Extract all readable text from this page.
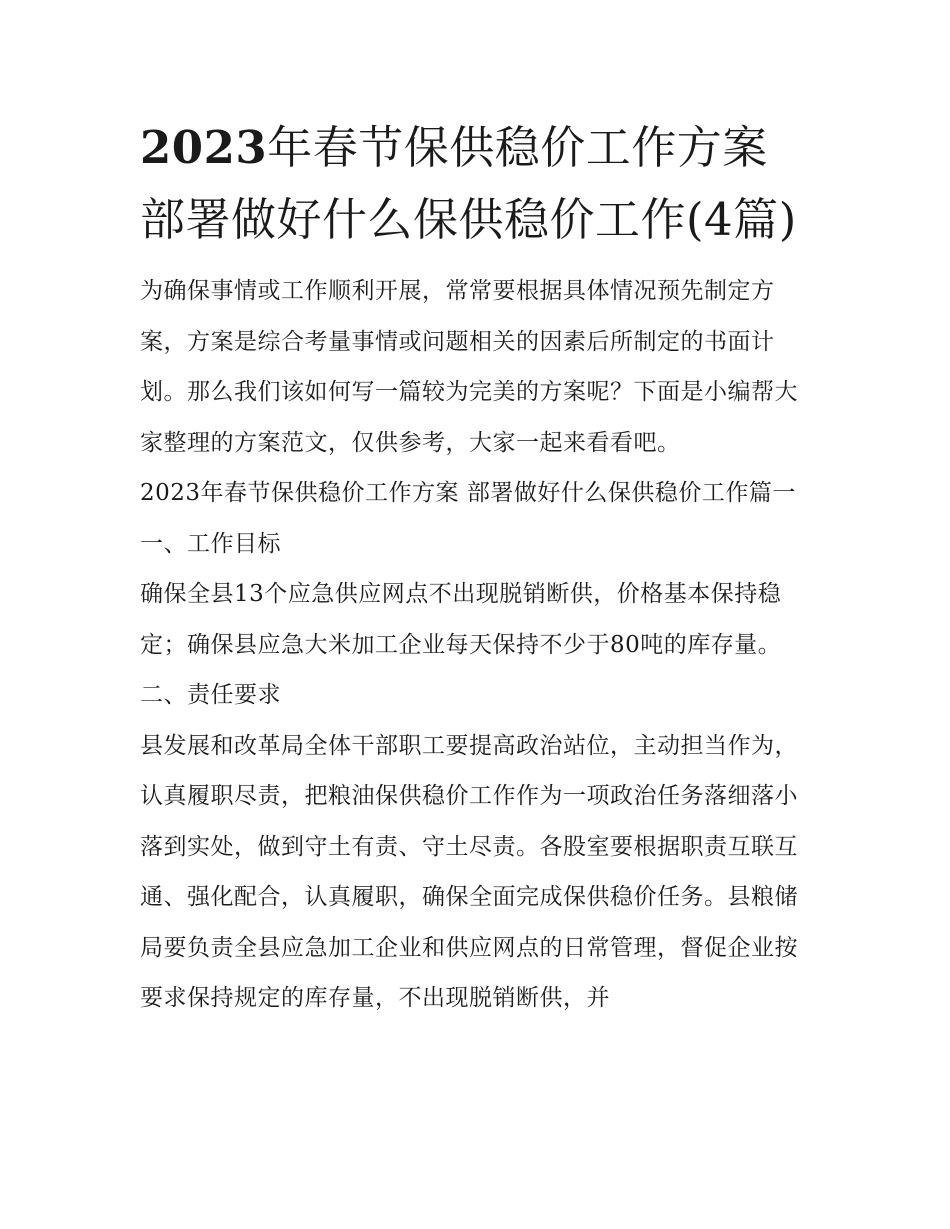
2023年春节保供稳价工作方案部署做好什么保供稳价工作(4篇)

为确保事情或工作顺利开展，常常要根据具体情况预先制定方案，方案是综合考量事情或问题相关的因素后所制定的书面计划。那么我们该如何写一篇较为完美的方案呢？下面是小编帮大家整理的方案范文，仅供参考，大家一起来看看吧。

2023年春节保供稳价工作方案 部署做好什么保供稳价工作篇一 一、工作目标

确保全县13个应急供应网点不出现脱销断供，价格基本保持稳定；确保县应急大米加工企业每天保持不少于80吨的库存量。 二、责任要求

县发展和改革局全体干部职工要提高政治站位，主动担当作为，认真履职尽责，把粮油保供稳价工作作为一项政治任务落细落小落到实处，做到守土有责、守土尽责。各股室要根据职责互联互通、强化配合，认真履职，确保全面完成保供稳价任务。县粮储局要负责全县应急加工企业和供应网点的日常管理，督促企业按要求保持规定的库存量，不出现脱销断供，并
